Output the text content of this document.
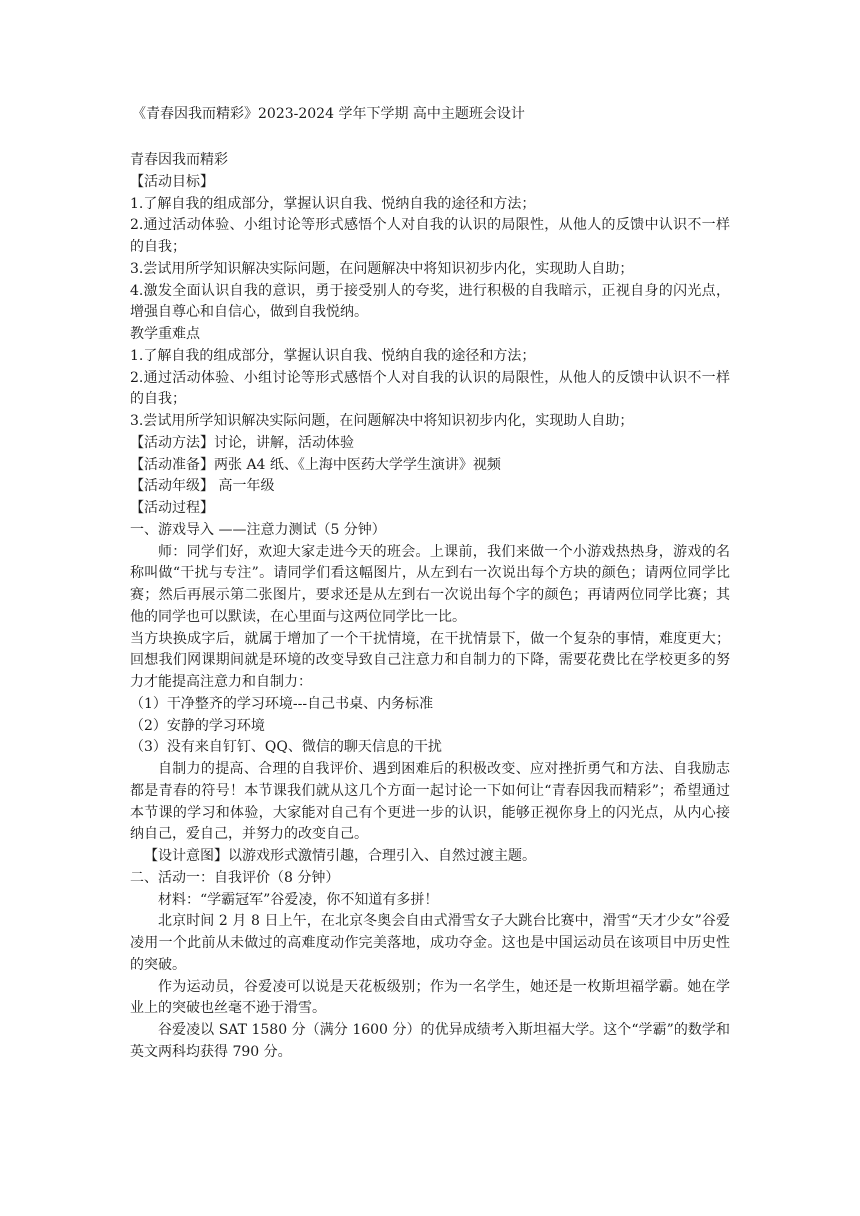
《青春因我而精彩》2023-2024 学年下学期 高中主题班会设计

青春因我而精彩

【活动目标】

1.了解自我的组成部分，掌握认识自我、悦纳自我的途径和方法；

2.通过活动体验、小组讨论等形式感悟个人对自我的认识的局限性，从他人的反馈中认识不一样的自我；

3.尝试用所学知识解决实际问题，在问题解决中将知识初步内化，实现助人自助；

4.激发全面认识自我的意识，勇于接受别人的夸奖，进行积极的自我暗示，正视自身的闪光点，增强自尊心和自信心，做到自我悦纳。

教学重难点

1.了解自我的组成部分，掌握认识自我、悦纳自我的途径和方法；

2.通过活动体验、小组讨论等形式感悟个人对自我的认识的局限性，从他人的反馈中认识不一样的自我；

3.尝试用所学知识解决实际问题，在问题解决中将知识初步内化，实现助人自助；

【活动方法】讨论，讲解，活动体验

【活动准备】两张 A4 纸、《上海中医药大学学生演讲》视频

【活动年级】 高一年级

【活动过程】

一、游戏导入 ——注意力测试（5 分钟）

师：同学们好，欢迎大家走进今天的班会。上课前，我们来做一个小游戏热热身，游戏的名称叫做“干扰与专注”。请同学们看这幅图片，从左到右一次说出每个方块的颜色；请两位同学比赛；然后再展示第二张图片，要求还是从左到右一次说出每个字的颜色；再请两位同学比赛；其他的同学也可以默读，在心里面与这两位同学比一比。

当方块换成字后，就属于增加了一个干扰情境，在干扰情景下，做一个复杂的事情，难度更大；回想我们网课期间就是环境的改变导致自己注意力和自制力的下降，需要花费比在学校更多的努力才能提高注意力和自制力：

（1）干净整齐的学习环境---自己书桌、内务标准

（2）安静的学习环境

（3）没有来自钉钉、QQ、微信的聊天信息的干扰

自制力的提高、合理的自我评价、遇到困难后的积极改变、应对挫折勇气和方法、自我励志都是青春的符号！本节课我们就从这几个方面一起讨论一下如何让“青春因我而精彩”；希望通过本节课的学习和体验，大家能对自己有个更进一步的认识，能够正视你身上的闪光点，从内心接纳自己，爱自己，并努力的改变自己。

【设计意图】以游戏形式激情引趣，合理引入、自然过渡主题。

二、活动一：自我评价（8 分钟）

材料：“学霸冠军”谷爱凌，你不知道有多拼！

北京时间 2 月 8 日上午，在北京冬奥会自由式滑雪女子大跳台比赛中，滑雪“天才少女”谷爱凌用一个此前从未做过的高难度动作完美落地，成功夺金。这也是中国运动员在该项目中历史性的突破。

作为运动员，谷爱凌可以说是天花板级别；作为一名学生，她还是一枚斯坦福学霸。她在学业上的突破也丝毫不逊于滑雪。

谷爱凌以 SAT 1580 分（满分 1600 分）的优异成绩考入斯坦福大学。这个“学霸”的数学和英文两科均获得 790 分。
